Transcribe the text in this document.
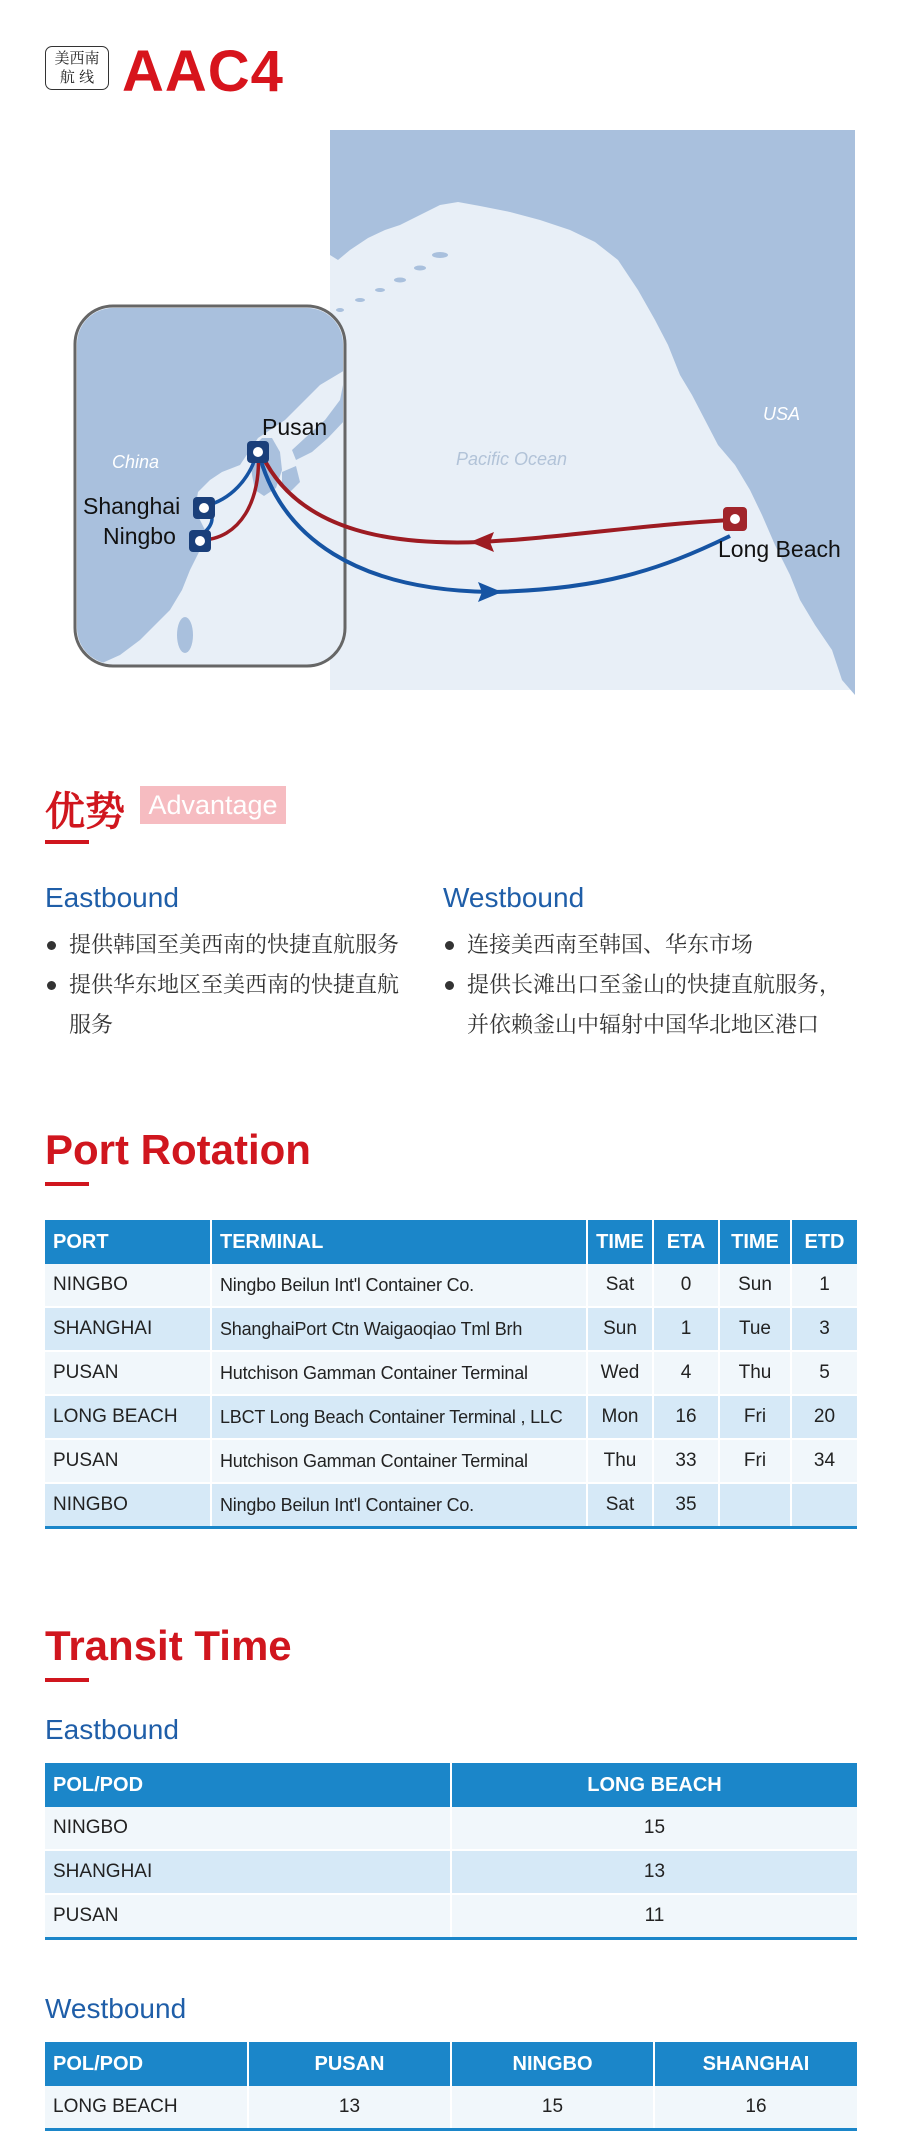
美西南
航 线 AAC4
China
USA
Pacific Ocean
Pusan
Shanghai
Ningbo	Long Beach
优势 Advantage
Eastbound
提供韩国至美西南的快捷直航服务
提供华东地区至美西南的快捷直航
服务
Westbound
连接美西南至韩国、华东市场
提供长滩出口至釜山的快捷直航服务，
并依赖釜山中辐射中国华北地区港口
Port Rotation
PORT	TERMINAL	TIME	ETA	TIME	ETD
NINGBO	Ningbo Beilun Int'l Container Co.	Sat	0	Sun	1
SHANGHAI	ShanghaiPort Ctn Waigaoqiao Tml Brh	Sun	1	Tue	3
PUSAN	Hutchison Gamman Container Terminal	Wed	4	Thu	5
LONG BEACH	LBCT Long Beach Container Terminal , LLC	Mon	16	Fri	20
PUSAN	Hutchison Gamman Container Terminal	Thu	33	Fri	34
NINGBO	Ningbo Beilun Int'l Container Co.	Sat	35		
Transit Time
Eastbound
POL/POD	LONG BEACH
NINGBO	15
SHANGHAI	13
PUSAN	11
Westbound
POL/POD	PUSAN	NINGBO	SHANGHAI
LONG BEACH	13	15	16
